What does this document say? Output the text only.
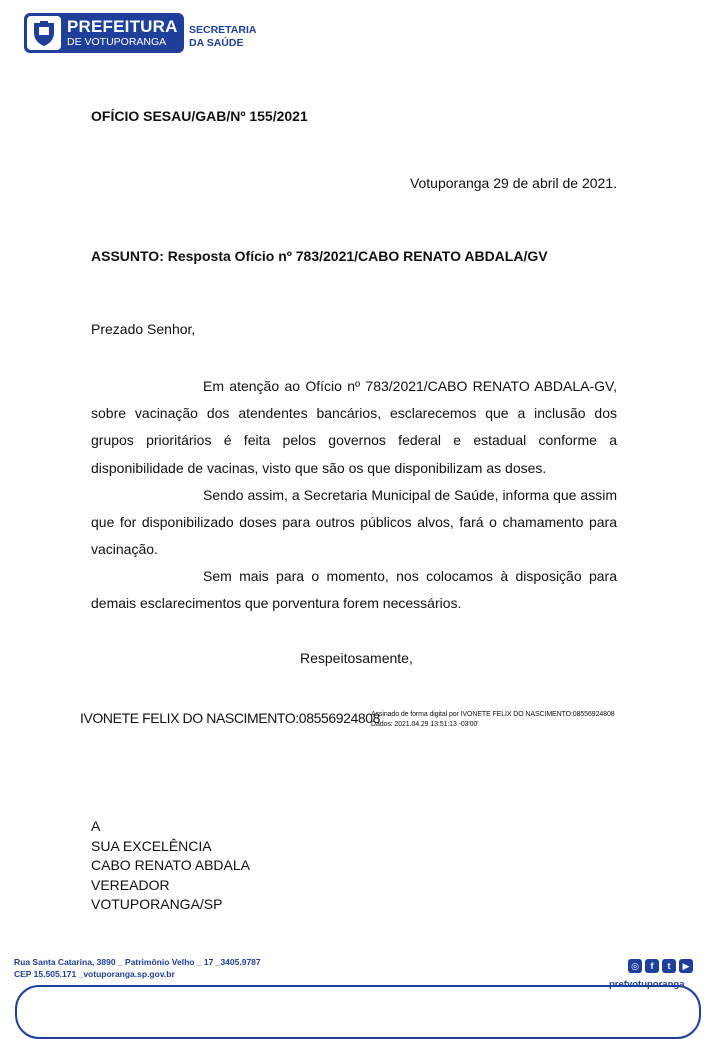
PREFEITURA
DE VOTUPORANGA
SECRETARIA
DA SAÚDE
OFÍCIO SESAU/GAB/Nº 155/2021
Votuporanga 29 de abril de 2021.
ASSUNTO: Resposta Ofício nº 783/2021/CABO RENATO ABDALA/GV
Prezado Senhor,
Em atenção ao Ofício nº 783/2021/CABO RENATO ABDALA-GV, sobre vacinação dos atendentes bancários, esclarecemos que a inclusão dos grupos prioritários é feita pelos governos federal e estadual conforme a disponibilidade de vacinas, visto que são os que disponibilizam as doses.
Sendo assim, a Secretaria Municipal de Saúde, informa que assim que for disponibilizado doses para outros públicos alvos, fará o chamamento para vacinação.
Sem mais para o momento, nos colocamos à disposição para demais esclarecimentos que porventura forem necessários.
Respeitosamente,
IVONETE FELIX DO NASCIMENTO:08556924808
Assinado de forma digital por IVONETE FELIX DO NASCIMENTO:08556924808
Dados: 2021.04.29 13:51:13 -03'00'
A
SUA EXCELÊNCIA
CABO RENATO ABDALA
VEREADOR
VOTUPORANGA/SP
Rua Santa Catarina, 3890 _ Patrimônio Velho _ 17 _3405.9787
CEP 15.505.171 _votuporanga.sp.gov.br
◎	f	t	▶
prefvotuporanga
